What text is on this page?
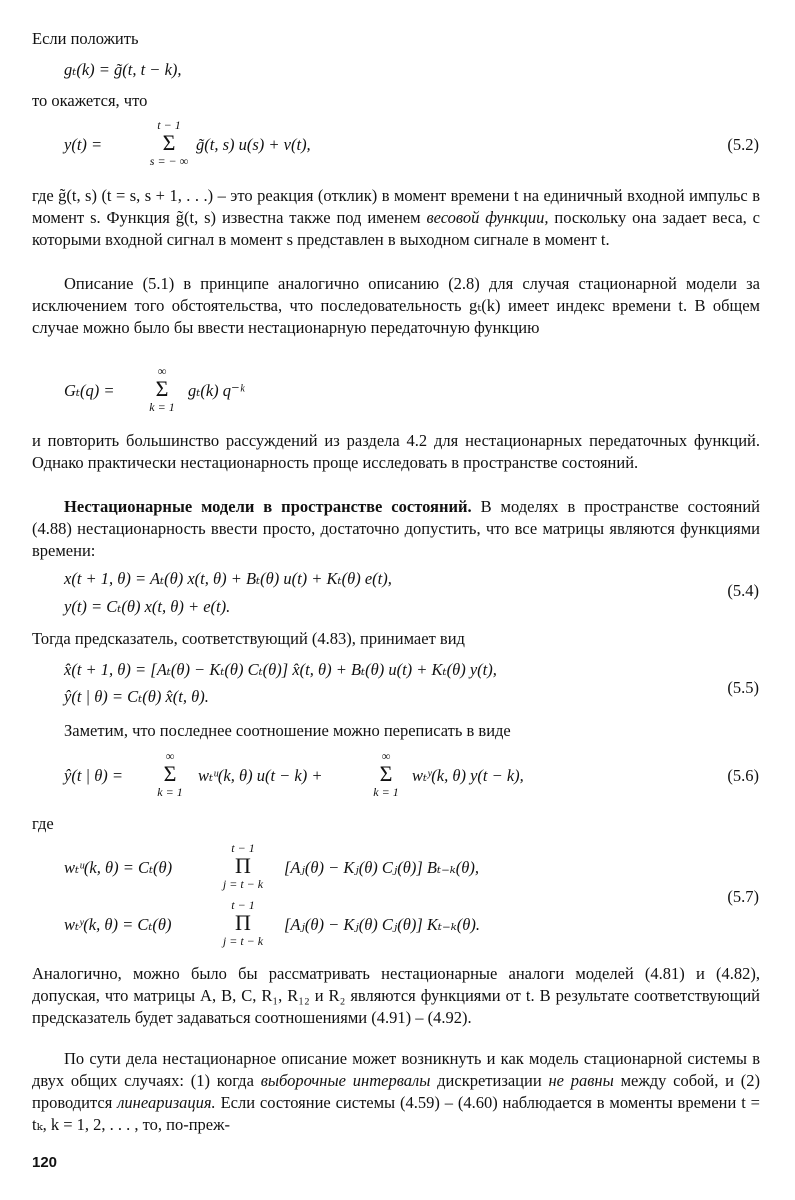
Если положить
gₜ(k) = g̃(t, t − k),
то окажется, что
y(t) =
t − 1
Σ
s = − ∞
g̃(t, s) u(s) + v(t),	(5.2)
где g̃(t, s) (t = s, s + 1, . . .) – это реакция (отклик) в момент времени t на единичный входной импульс в момент s. Функция g̃(t, s) известна также под именем весовой функции, поскольку она задает веса, с которыми входной сигнал в момент s представлен в выходном сигнале в момент t.
Описание (5.1) в принципе аналогично описанию (2.8) для случая стационарной модели за исключением того обстоятельства, что последовательность gₜ(k) имеет индекс времени t. В общем случае можно было бы ввести нестационарную передаточную функцию
Gₜ(q) =
∞
Σ
k = 1
gₜ(k) q⁻ᵏ
и повторить большинство рассуждений из раздела 4.2 для нестационарных передаточных функций. Однако практически нестационарность проще исследовать в пространстве состояний.
Нестационарные модели в пространстве состояний. В моделях в пространстве состояний (4.88) нестационарность ввести просто, достаточно допустить, что все матрицы являются функциями времени:
x(t + 1, θ) = Aₜ(θ) x(t, θ) + Bₜ(θ) u(t) + Kₜ(θ) e(t),
y(t) = Cₜ(θ) x(t, θ) + e(t).
(5.4)
Тогда предсказатель, соответствующий (4.83), принимает вид
x̂(t + 1, θ) = [Aₜ(θ) − Kₜ(θ) Cₜ(θ)] x̂(t, θ) + Bₜ(θ) u(t) + Kₜ(θ) y(t),
ŷ(t | θ) = Cₜ(θ) x̂(t, θ).	(5.5)
Заметим, что последнее соотношение можно переписать в виде
ŷ(t | θ) =
∞
Σ
k = 1
wₜᵘ(k, θ) u(t − k) +
∞
Σ
k = 1
wₜʸ(k, θ) y(t − k),	(5.6)
где
wₜᵘ(k, θ) = Cₜ(θ)
t − 1
Π
j = t − k
[Aⱼ(θ) − Kⱼ(θ) Cⱼ(θ)] Bₜ₋ₖ(θ),
wₜʸ(k, θ) = Cₜ(θ)
t − 1
Π
j = t − k
[Aⱼ(θ) − Kⱼ(θ) Cⱼ(θ)] Kₜ₋ₖ(θ).
(5.7)
Аналогично, можно было бы рассматривать нестационарные аналоги моделей (4.81) и (4.82), допуская, что матрицы A, B, C, R₁, R₁₂ и R₂ являются функциями от t. В результате соответствующий предсказатель будет задаваться соотношениями (4.91) – (4.92).
По сути дела нестационарное описание может возникнуть и как модель стационарной системы в двух общих случаях: (1) когда выборочные интервалы дискретизации не равны между собой, и (2) проводится линеаризация. Если состояние системы (4.59) – (4.60) наблюдается в моменты времени t = tₖ, k = 1, 2, . . . , то, по-преж-
120
